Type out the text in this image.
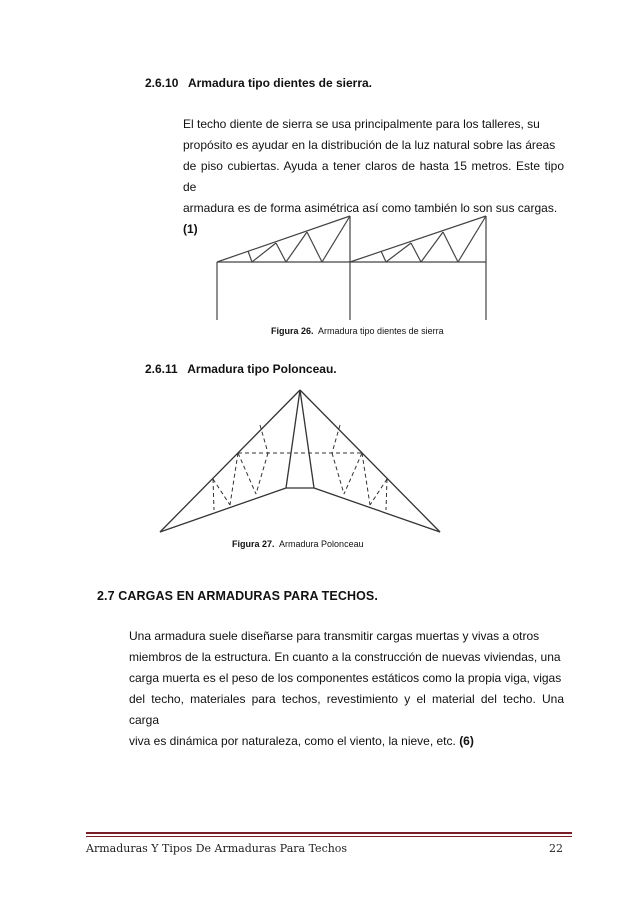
2.6.10 Armadura tipo dientes de sierra.
El techo diente de sierra se usa principalmente para los talleres, su
propósito es ayudar en la distribución de la luz natural sobre las áreas
de piso cubiertas. Ayuda a tener claros de hasta 15 metros. Este tipo de
armadura es de forma asimétrica así como también lo son sus cargas.
(1)
Figura 26. Armadura tipo dientes de sierra
2.6.11 Armadura tipo Polonceau.
Figura 27. Armadura Polonceau
2.7 CARGAS EN ARMADURAS PARA TECHOS.
Una armadura suele diseñarse para transmitir cargas muertas y vivas a otros
miembros de la estructura. En cuanto a la construcción de nuevas viviendas, una
carga muerta es el peso de los componentes estáticos como la propia viga, vigas
del techo, materiales para techos, revestimiento y el material del techo. Una carga
viva es dinámica por naturaleza, como el viento, la nieve, etc. (6)
Armaduras Y Tipos De Armaduras Para Techos	22
